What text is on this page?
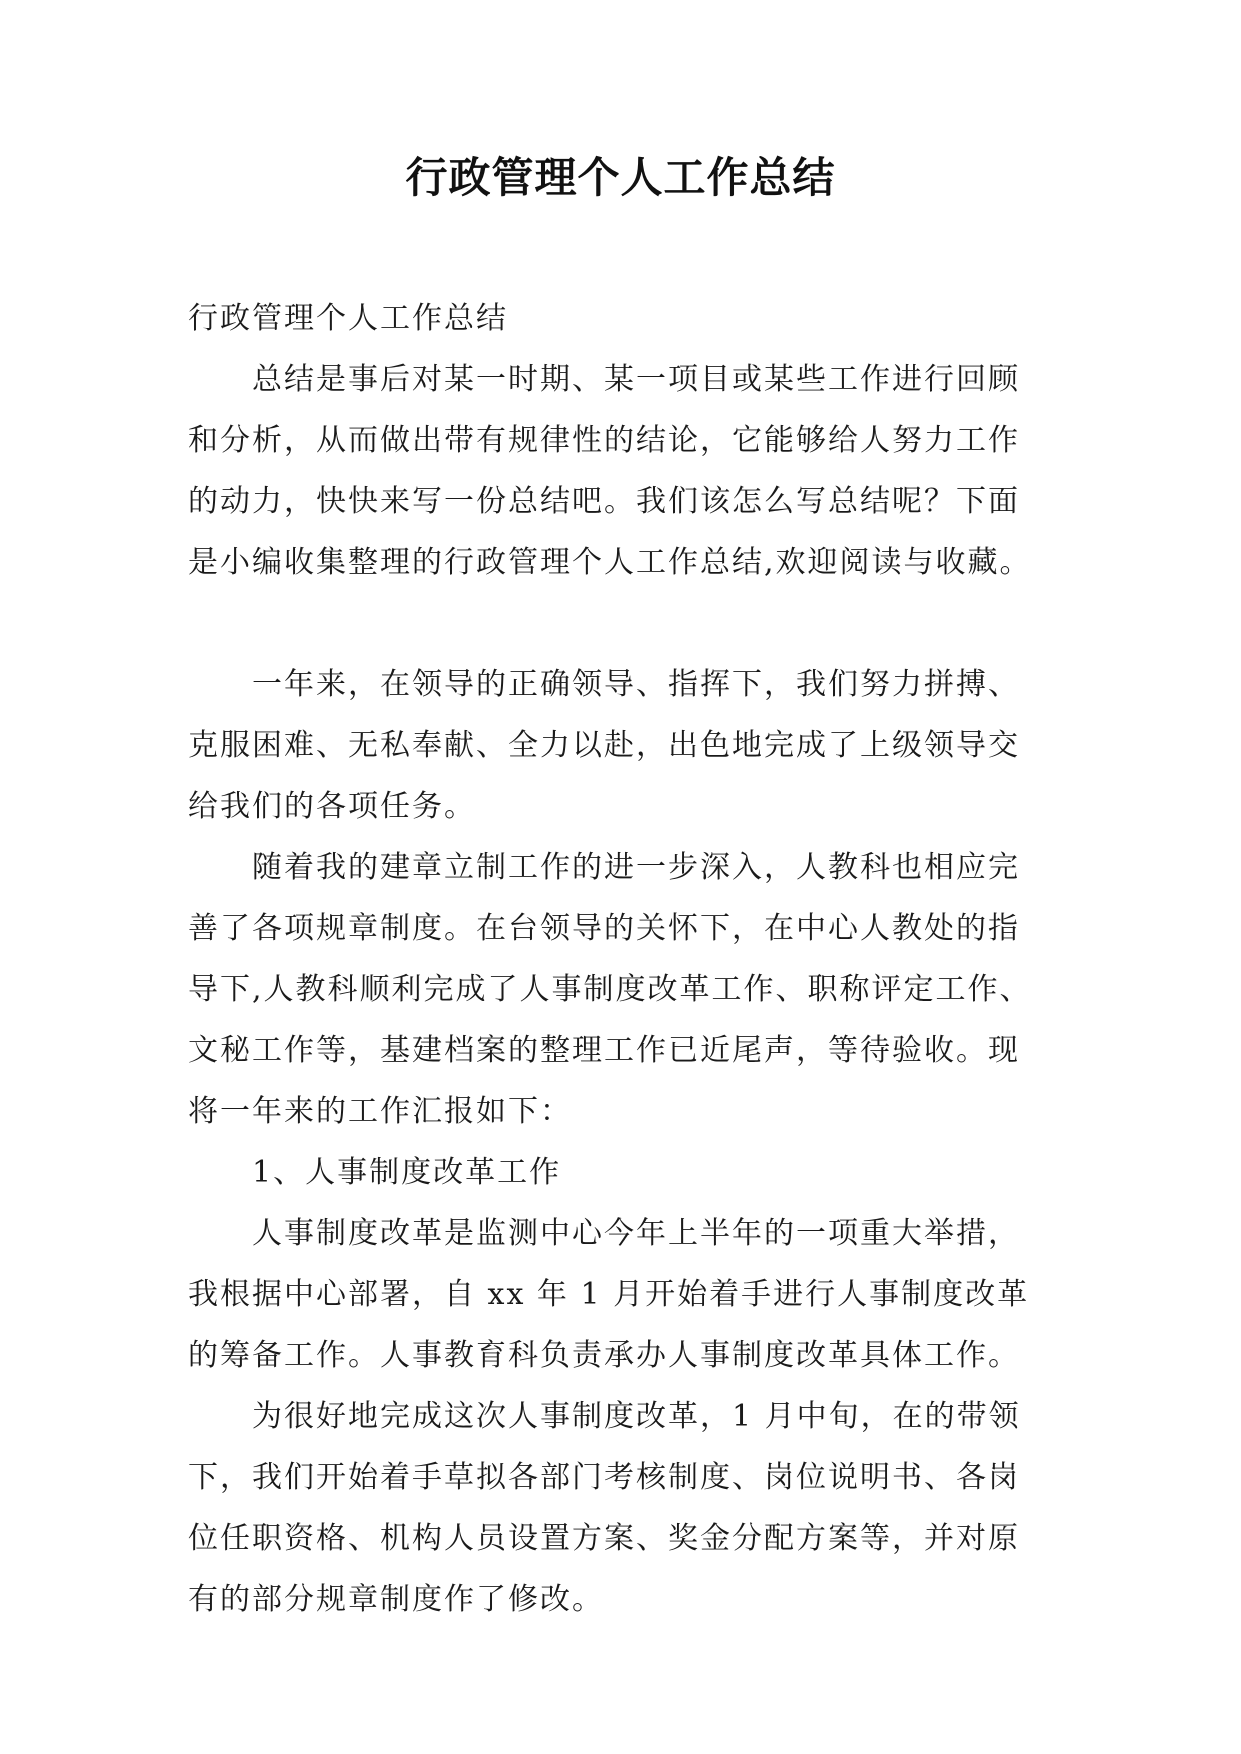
行政管理个人工作总结
行政管理个人工作总结
总结是事后对某一时期、某一项目或某些工作进行回顾
和分析，从而做出带有规律性的结论，它能够给人努力工作
的动力，快快来写一份总结吧。我们该怎么写总结呢？下面
是小编收集整理的行政管理个人工作总结,欢迎阅读与收藏。
一年来，在领导的正确领导、指挥下，我们努力拼搏、
克服困难、无私奉献、全力以赴，出色地完成了上级领导交
给我们的各项任务。
随着我的建章立制工作的进一步深入，人教科也相应完
善了各项规章制度。在台领导的关怀下，在中心人教处的指
导下,人教科顺利完成了人事制度改革工作、职称评定工作、
文秘工作等，基建档案的整理工作已近尾声，等待验收。现
将一年来的工作汇报如下：
1、人事制度改革工作
人事制度改革是监测中心今年上半年的一项重大举措，
我根据中心部署，自 xx 年 1 月开始着手进行人事制度改革
的筹备工作。人事教育科负责承办人事制度改革具体工作。
为很好地完成这次人事制度改革，1 月中旬，在的带领
下，我们开始着手草拟各部门考核制度、岗位说明书、各岗
位任职资格、机构人员设置方案、奖金分配方案等，并对原
有的部分规章制度作了修改。
